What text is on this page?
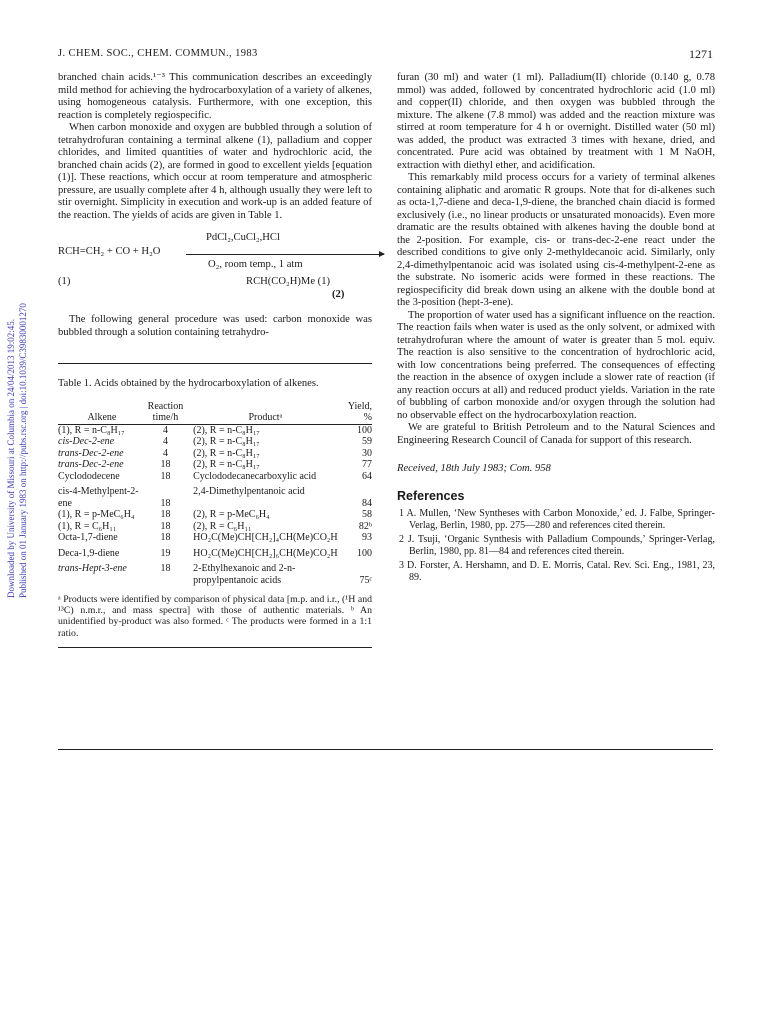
Downloaded by University of Missouri at Columbia on 24/04/2013 19:02:45. Published on 01 January 1983 on http://pubs.rsc.org | doi:10.1039/C39830001270
J. CHEM. SOC., CHEM. COMMUN., 1983	1271

branched chain acids.¹⁻³ This communication describes an exceedingly mild method for achieving the hydrocarboxylation of a variety of alkenes, using homogeneous catalysis. Furthermore, with one exception, this reaction is completely regiospecific.

When carbon monoxide and oxygen are bubbled through a solution of tetrahydrofuran containing a terminal alkene (1), palladium and copper chlorides, and limited quantities of water and hydrochloric acid, the branched chain acids (2), are formed in good to excellent yields [equation (1)]. These reactions, which occur at room temperature and atmospheric pressure, are usually complete after 4 h, although usually they were left to stir overnight. Simplicity in execution and work-up is an added feature of the reaction. The yields of acids are given in Table 1.

PdCl₂,CuCl₂,HCl
RCH=CH₂ + CO + H₂O
O₂, room temp., 1 atm
(1)	RCH(CO₂H)Me (1)
(2)

The following general procedure was used: carbon monoxide was bubbled through a solution containing tetrahydro-

Table 1. Acids obtained by the hydrocarboxylation of alkenes.
Alkene	Reaction time/h	Productᵃ	Yield, %
(1), R = n-C₈H₁₇	4	(2), R = n-C₈H₁₇	100
cis-Dec-2-ene	4	(2), R = n-C₈H₁₇	59
trans-Dec-2-ene	4	(2), R = n-C₈H₁₇	30
trans-Dec-2-ene	18	(2), R = n-C₈H₁₇	77
Cyclododecene	18	Cyclododecanecarboxylic acid	64
cis-4-Methylpent-2-ene	18	2,4-Dimethylpentanoic acid	84
(1), R = p-MeC₆H₄	18	(2), R = p-MeC₆H₄	58
(1), R = C₆H₁₁	18	(2), R = C₆H₁₁	82ᵇ
Octa-1,7-diene	18	HO₂C(Me)CH[CH₂]₄CH(Me)CO₂H	93
Deca-1,9-diene	19	HO₂C(Me)CH[CH₂]₆CH(Me)CO₂H	100
trans-Hept-3-ene	18	2-Ethylhexanoic and 2-n-propylpentanoic acids	75ᶜ
ᵃ Products were identified by comparison of physical data [m.p. and i.r., (¹H and ¹³C) n.m.r., and mass spectra] with those of authentic materials. ᵇ An unidentified by-product was also formed. ᶜ The products were formed in a 1:1 ratio.

furan (30 ml) and water (1 ml). Palladium(II) chloride (0.140 g, 0.78 mmol) was added, followed by concentrated hydrochloric acid (1.0 ml) and copper(II) chloride, and then oxygen was bubbled through the mixture. The alkene (7.8 mmol) was added and the reaction mixture was stirred at room temperature for 4 h or overnight. Distilled water (50 ml) was added, the product was extracted 3 times with hexane, dried, and concentrated. Pure acid was obtained by treatment with 1 M NaOH, extraction with diethyl ether, and acidification.

This remarkably mild process occurs for a variety of terminal alkenes containing aliphatic and aromatic R groups. Note that for di-alkenes such as octa-1,7-diene and deca-1,9-diene, the branched chain diacid is formed exclusively (i.e., no linear products or unsaturated monoacids). Even more dramatic are the results obtained with alkenes having the double bond at the 2-position. For example, cis- or trans-dec-2-ene react under the described conditions to give only 2-methyldecanoic acid. Similarly, only 2,4-dimethylpentanoic acid was isolated using cis-4-methylpent-2-ene as the substrate. No isomeric acids were formed in these reactions. The regiospecificity did break down using an alkene with the double bond at the 3-position (hept-3-ene).

The proportion of water used has a significant influence on the reaction. The reaction fails when water is used as the only solvent, or admixed with tetrahydrofuran where the amount of water is greater than 5 mol. equiv. The reaction is also sensitive to the concentration of hydrochloric acid, with low concentrations being preferred. The consequences of effecting the reaction in the absence of oxygen include a slower rate of reaction (if any reaction occurs at all) and reduced product yields. Variation in the rate of bubbling of carbon monoxide and/or oxygen through the solution had no observable effect on the hydrocarboxylation reaction.

We are grateful to British Petroleum and to the Natural Sciences and Engineering Research Council of Canada for support of this research.

Received, 18th July 1983; Com. 958
References
1 A. Mullen, ‘New Syntheses with Carbon Monoxide,’ ed. J. Falbe, Springer-Verlag, Berlin, 1980, pp. 275—280 and references cited therein.
2 J. Tsuji, ‘Organic Synthesis with Palladium Compounds,’ Springer-Verlag, Berlin, 1980, pp. 81—84 and references cited therein.
3 D. Forster, A. Hershamn, and D. E. Morris, Catal. Rev. Sci. Eng., 1981, 23, 89.
